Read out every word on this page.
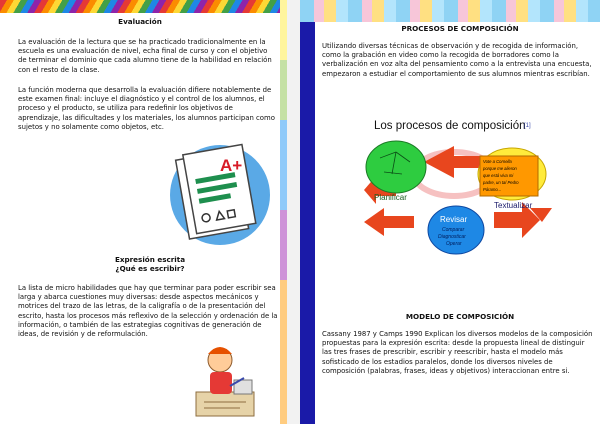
Evaluación

La evaluación de la lectura que se ha practicado tradicionalmente en la escuela es una evaluación de nivel, echa final de curso y con el objetivo de terminar el dominio que cada alumno tiene de la habilidad en relación con el resto de la clase.

La función moderna que desarrolla la evaluación difiere notablemente de este examen final: incluye el diagnóstico y el control de los alumnos, el proceso y el producto, se utiliza para redefinir los objetivos de aprendizaje, las dificultades y los materiales, los alumnos participan como sujetos y no solamente como objetos, etc.

A+
Expresión escrita
¿Qué es escribir?

La lista de micro habilidades que hay que terminar para poder escribir sea larga y abarca cuestiones muy diversas: desde aspectos mecánicos y motrices del trazo de las letras, de la caligrafía o de la presentación del escrito, hasta los procesos más reflexivo de la selección y ordenación de la información, o también de las estrategias cognitivas de generación de ideas, de revisión y de reformulación.

PROCESOS DE COMPOSICIÓN

Utilizando diversas técnicas de observación y de recogida de información, como la grabación en video como la recogida de borradores como la verbalización en voz alta del pensamiento como a la entrevista una encuesta, empezaron a estudiar el comportamiento de sus alumnos mientras escribían.

Los procesos de composición
[1]
Planificar
Vote a Cornella porque me alieron que está viva mi padre, un tal Pedro Páramo...
Textualizar
Revisar
Comparar Diagnosticar Operar
MODELO DE COMPOSICIÓN

Cassany 1987 y Camps 1990 Explican los diversos modelos de la composición propuestas para la expresión escrita: desde la propuesta lineal de distinguir las tres frases de prescribir, escribir y reescribir, hasta el modelo más sofisticado de los estadios paralelos, donde los diversos niveles de composición (palabras, frases, ideas y objetivos) interaccionan entre si.
